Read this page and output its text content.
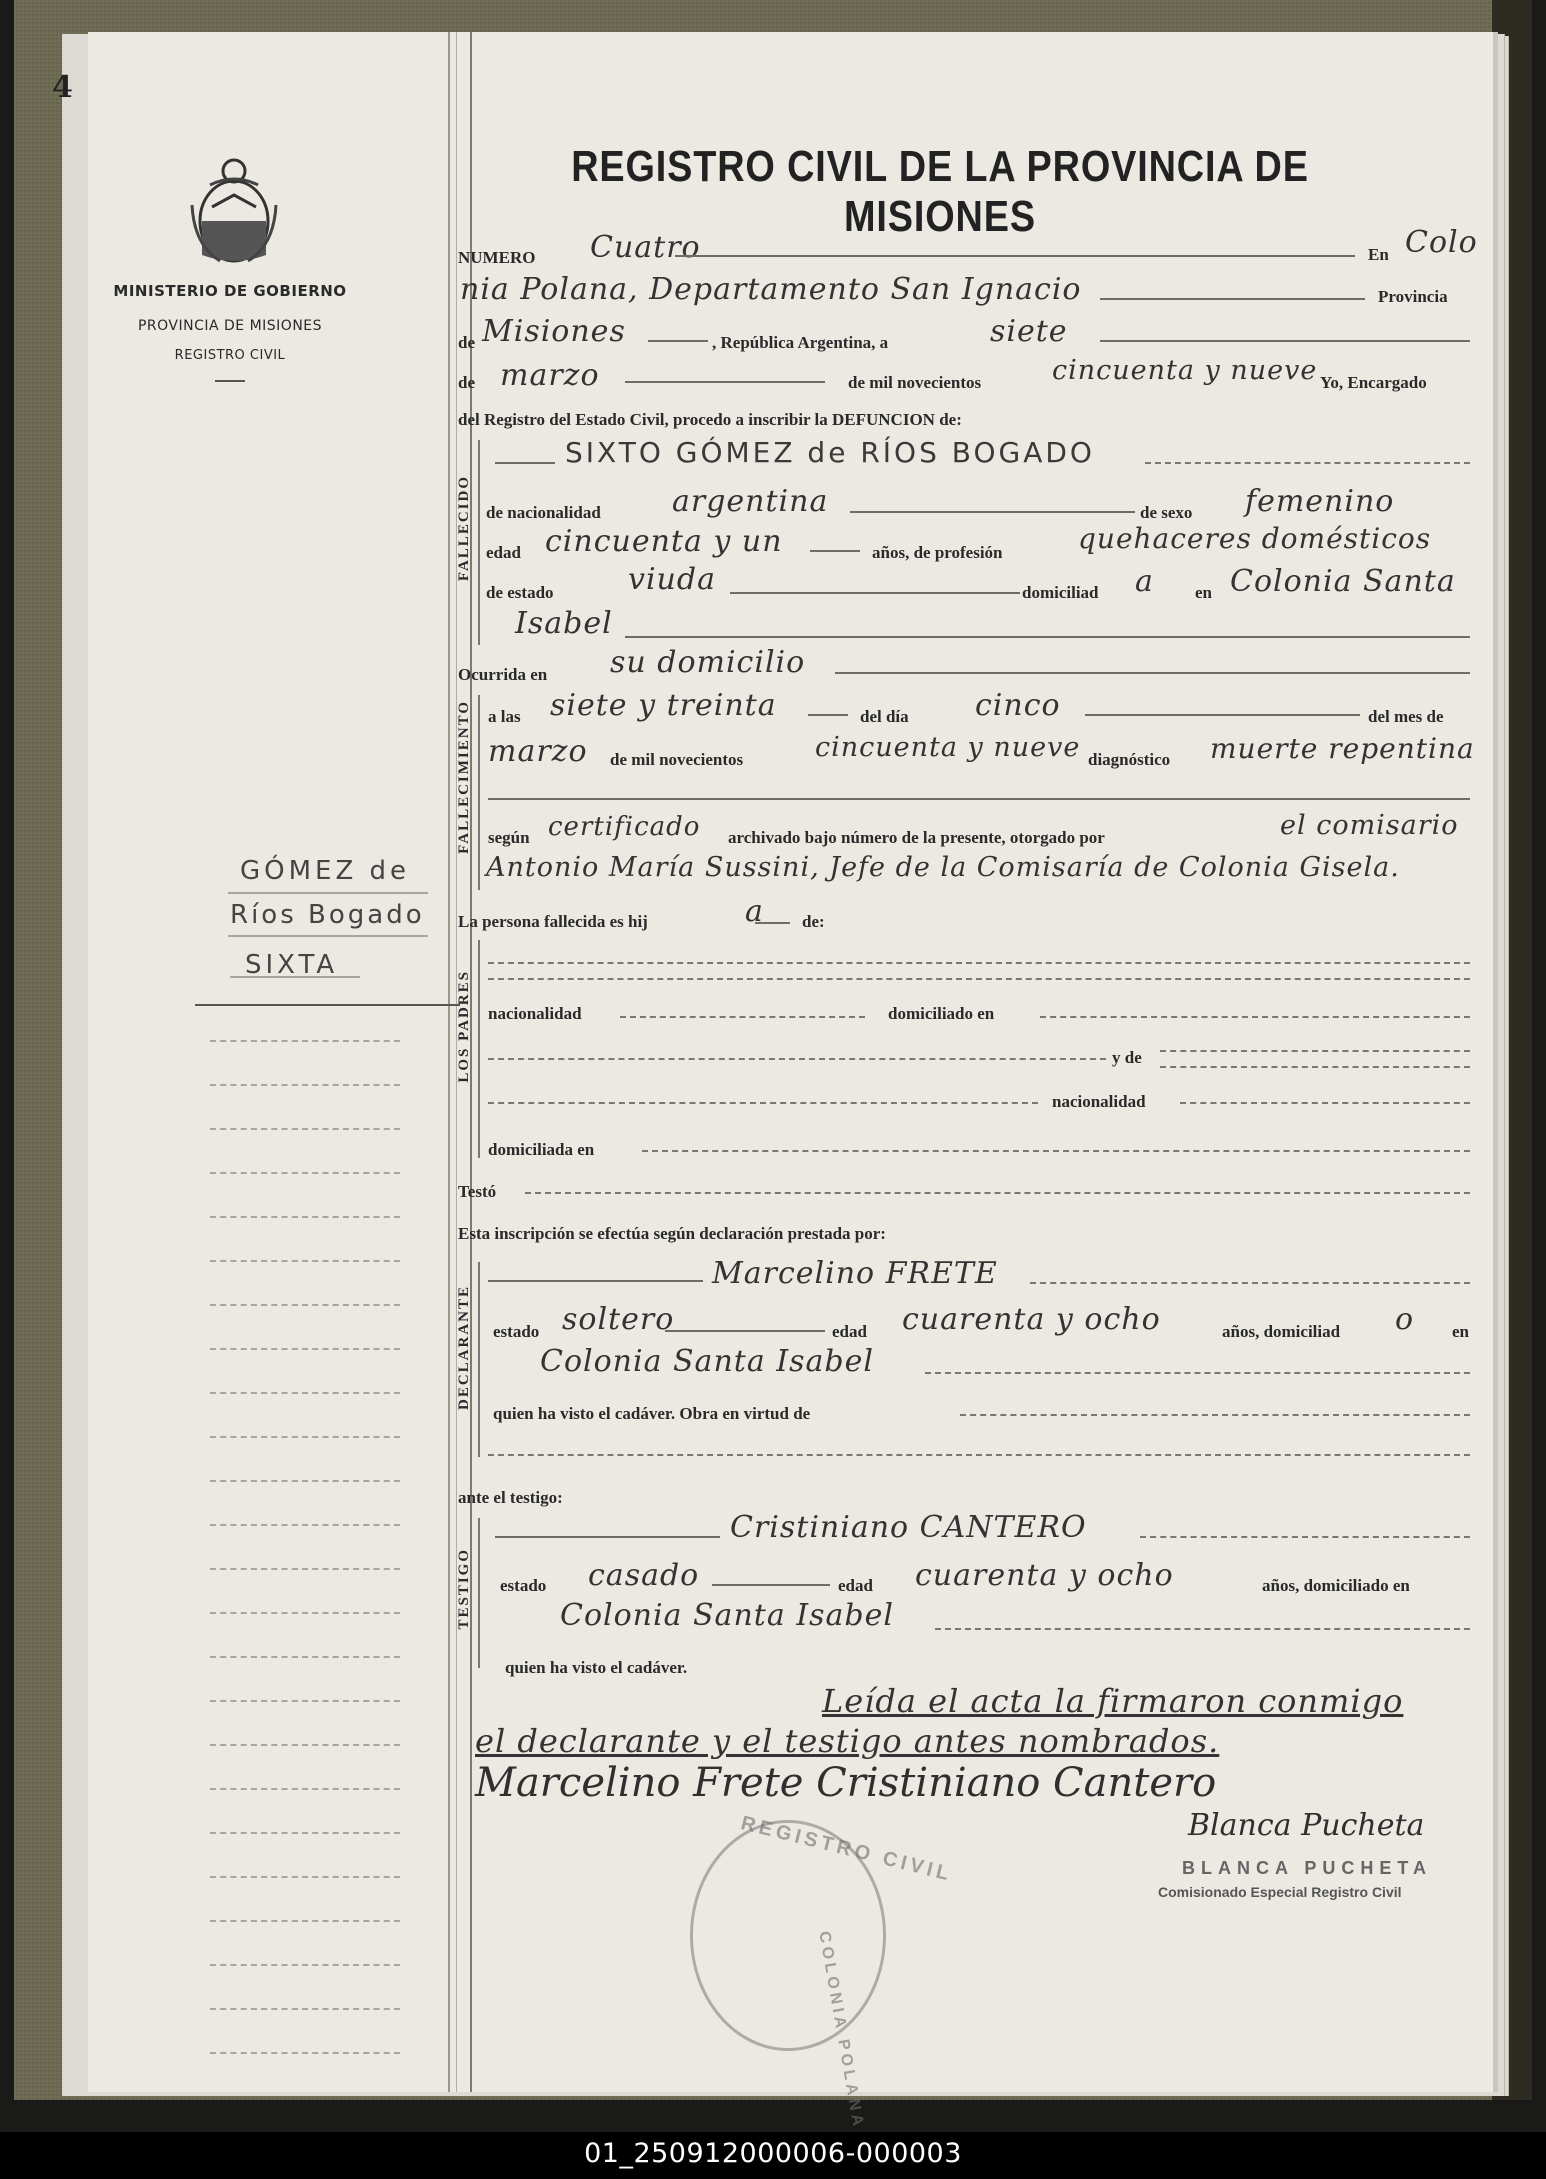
4
MINISTERIO DE GOBIERNO
PROVINCIA DE MISIONES
REGISTRO CIVIL
REGISTRO CIVIL DE LA PROVINCIA DE MISIONES
NUMERO Cuatro	En Colo
nia Polana, Departamento San Ignacio	Provincia
de Misiones	, República Argentina, a	siete
de marzo	de mil novecientos	cincuenta y nueve Yo, Encargado
del Registro del Estado Civil, procedo a inscribir la DEFUNCION de:
FALLECIDO
SIXTO GÓMEZ de RÍOS BOGADO
de nacionalidad argentina	de sexo femenino
edad cincuenta y un	años, de profesión	quehaceres domésticos
de estado viuda	domiciliad a en Colonia Santa
Isabel
Ocurrida en su domicilio
FALLECIMIENTO a las siete y treinta	del día cinco	del mes de
marzo de mil novecientos	cincuenta y nueve diagnóstico muerte repentina
según certificado archivado bajo número de la presente, otorgado por	el comisario
Antonio María Sussini, Jefe de la Comisaría de Colonia Gisela.
La persona fallecida es hij	a de:
LOS PADRES nacionalidad	domiciliado en
y de
nacionalidad
domiciliada en
Testó
Esta inscripción se efectúa según declaración prestada por:
DECLARANTE
Marcelino FRETE
estado soltero	edad cuarenta y ocho	años, domiciliad o en
Colonia Santa Isabel
quien ha visto el cadáver. Obra en virtud de
ante el testigo:
TESTIGO
Cristiniano CANTERO
estado casado	edad cuarenta y ocho	años, domiciliado en
Colonia Santa Isabel
quien ha visto el cadáver.
Leída el acta la firmaron conmigo
el declarante y el testigo antes nombrados.
Marcelino Frete Cristiniano Cantero
Blanca Pucheta
BLANCA PUCHETA
Comisionado Especial Registro Civil
REGISTRO CIVIL
COLONIA POLANA
GÓMEZ de
Ríos Bogado
SIXTA
01_250912000006-000003
